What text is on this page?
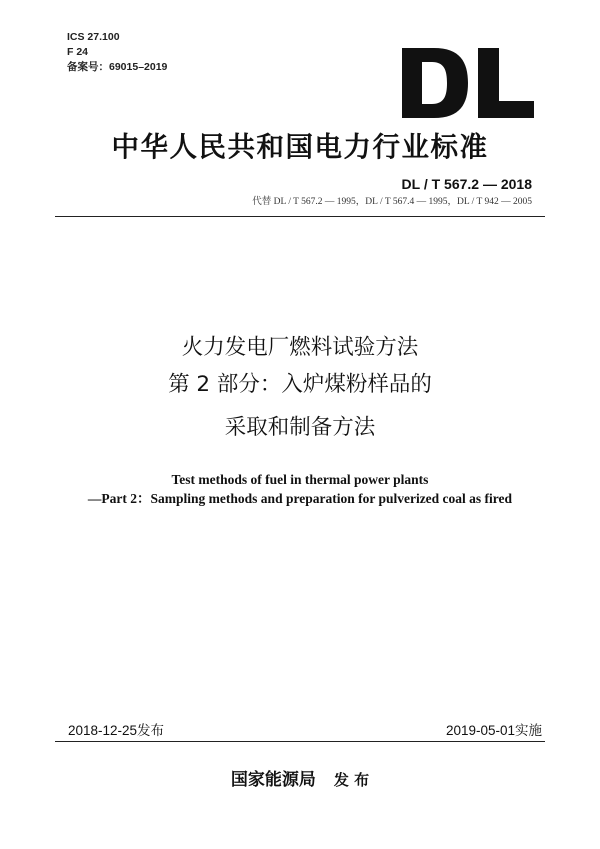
ICS 27.100
F 24
备案号：69015–2019
中华人民共和国电力行业标准
DL / T 567.2 — 2018
代替 DL / T 567.2 — 1995，DL / T 567.4 — 1995，DL / T 942 — 2005
火力发电厂燃料试验方法
第 2 部分：入炉煤粉样品的
采取和制备方法
Test methods of fuel in thermal power plants
—Part 2：Sampling methods and preparation for pulverized coal as fired
2018-12-25发布	2019-05-01实施
国家能源局 发 布
